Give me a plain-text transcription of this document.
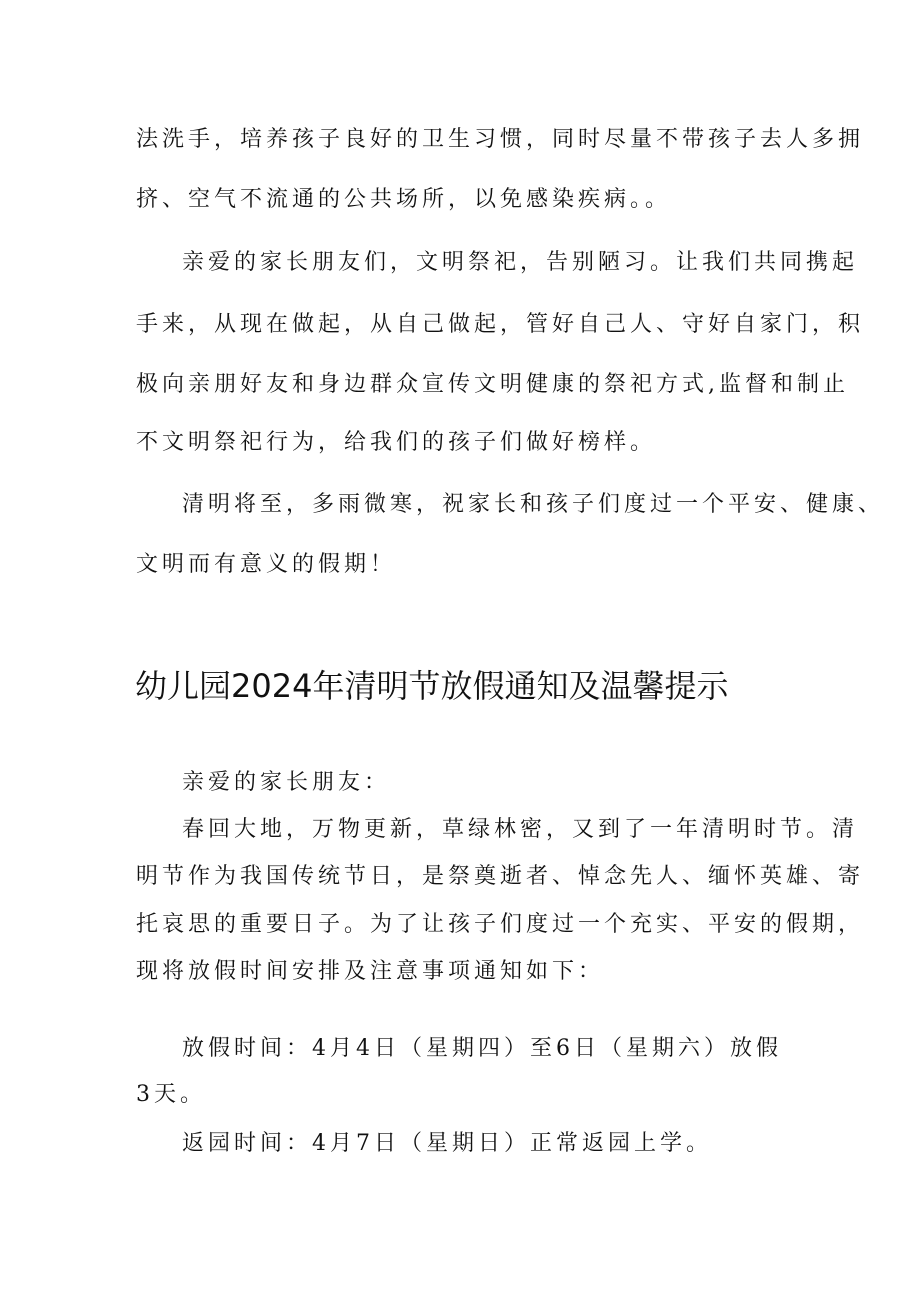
法洗手，培养孩子良好的卫生习惯，同时尽量不带孩子去人多拥

挤、空气不流通的公共场所，以免感染疾病。。

亲爱的家长朋友们，文明祭祀，告别陋习。让我们共同携起

手来，从现在做起，从自己做起，管好自己人、守好自家门，积

极向亲朋好友和身边群众宣传文明健康的祭祀方式,监督和制止

不文明祭祀行为，给我们的孩子们做好榜样。

清明将至，多雨微寒，祝家长和孩子们度过一个平安、健康、

文明而有意义的假期！

幼儿园2024年清明节放假通知及温馨提示

亲爱的家长朋友：

春回大地，万物更新，草绿林密，又到了一年清明时节。清

明节作为我国传统节日，是祭奠逝者、悼念先人、缅怀英雄、寄

托哀思的重要日子。为了让孩子们度过一个充实、平安的假期，

现将放假时间安排及注意事项通知如下：

放假时间：4月4日（星期四）至6日（星期六）放假

3天。

返园时间：4月7日（星期日）正常返园上学。
